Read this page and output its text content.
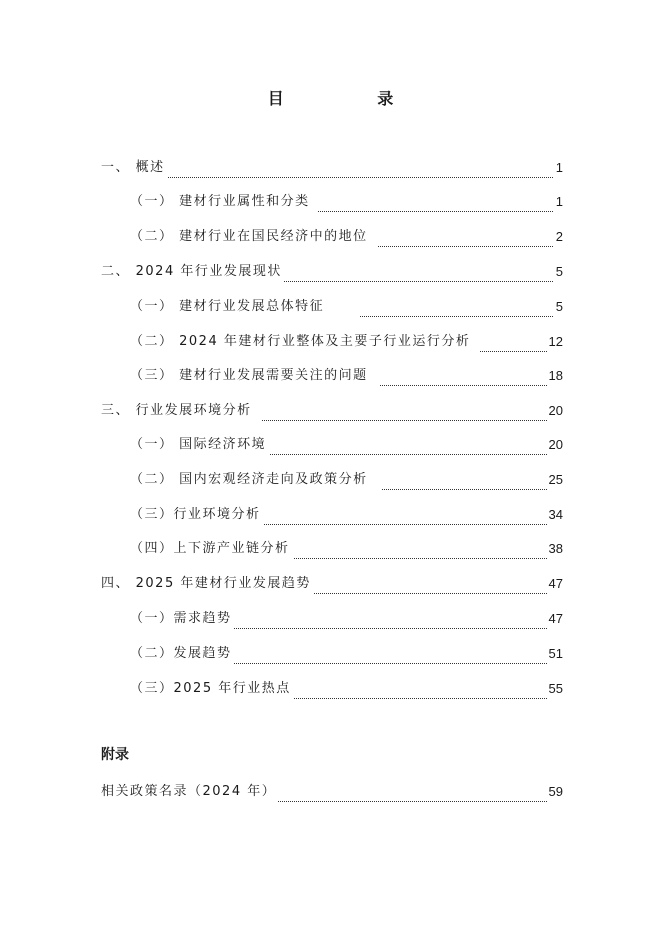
目 录
一、 概述	1
（一） 建材行业属性和分类	1
（二） 建材行业在国民经济中的地位	2
二、 2024 年行业发展现状	5
（一） 建材行业发展总体特征	5
（二） 2024 年建材行业整体及主要子行业运行分析	12
（三） 建材行业发展需要关注的问题	18
三、 行业发展环境分析	20
（一） 国际经济环境	20
（二） 国内宏观经济走向及政策分析	25
（三）行业环境分析	34
（四）上下游产业链分析	38
四、 2025 年建材行业发展趋势	47
（一）需求趋势	47
（二）发展趋势	51
（三）2025 年行业热点	55
附录
相关政策名录（2024 年）	59
